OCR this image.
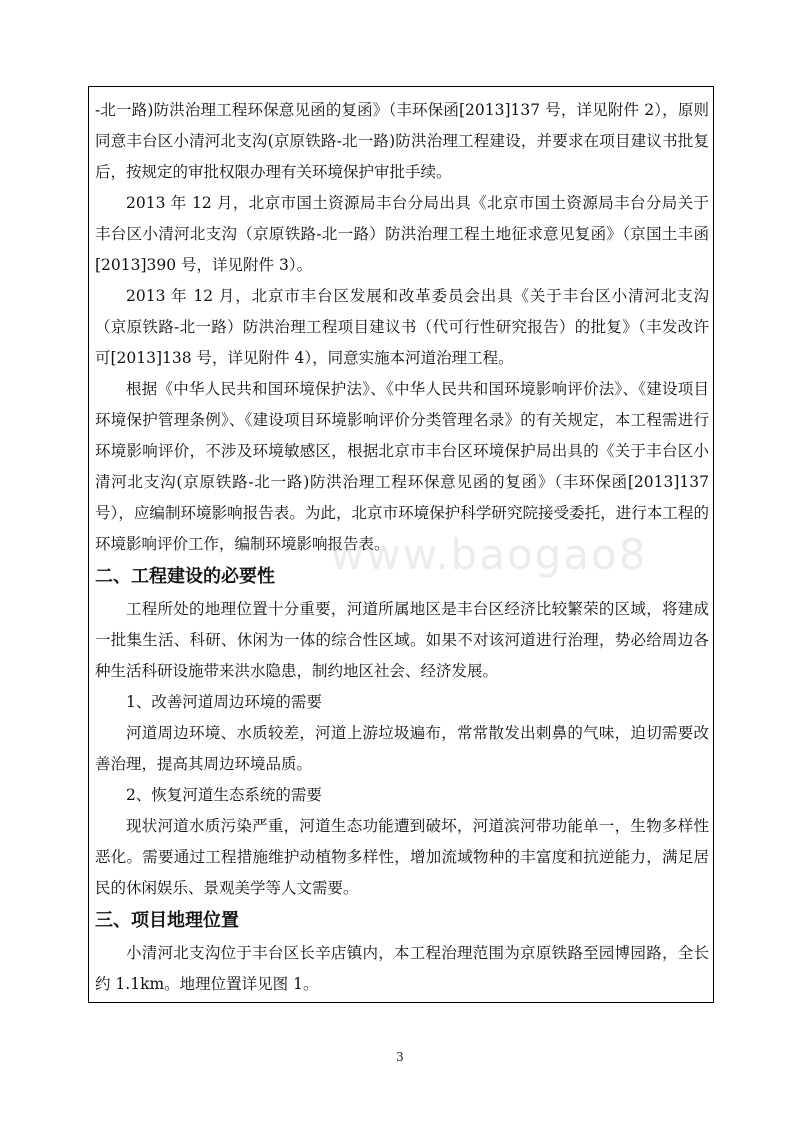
-北一路)防洪治理工程环保意见函的复函》（丰环保函[2013]137 号，详见附件 2），原则同意丰台区小清河北支沟(京原铁路-北一路)防洪治理工程建设，并要求在项目建议书批复后，按规定的审批权限办理有关环境保护审批手续。

2013 年 12 月，北京市国土资源局丰台分局出具《北京市国土资源局丰台分局关于丰台区小清河北支沟（京原铁路-北一路）防洪治理工程土地征求意见复函》（京国土丰函[2013]390 号，详见附件 3）。

2013 年 12 月，北京市丰台区发展和改革委员会出具《关于丰台区小清河北支沟（京原铁路-北一路）防洪治理工程项目建议书（代可行性研究报告）的批复》（丰发改许可[2013]138 号，详见附件 4），同意实施本河道治理工程。

根据《中华人民共和国环境保护法》、《中华人民共和国环境影响评价法》、《建设项目环境保护管理条例》、《建设项目环境影响评价分类管理名录》的有关规定，本工程需进行环境影响评价，不涉及环境敏感区，根据北京市丰台区环境保护局出具的《关于丰台区小清河北支沟(京原铁路-北一路)防洪治理工程环保意见函的复函》（丰环保函[2013]137 号），应编制环境影响报告表。为此，北京市环境保护科学研究院接受委托，进行本工程的环境影响评价工作，编制环境影响报告表。

二、工程建设的必要性

工程所处的地理位置十分重要，河道所属地区是丰台区经济比较繁荣的区域，将建成一批集生活、科研、休闲为一体的综合性区域。如果不对该河道进行治理，势必给周边各种生活科研设施带来洪水隐患，制约地区社会、经济发展。

1、改善河道周边环境的需要

河道周边环境、水质较差，河道上游垃圾遍布，常常散发出刺鼻的气味，迫切需要改善治理，提高其周边环境品质。

2、恢复河道生态系统的需要

现状河道水质污染严重，河道生态功能遭到破坏，河道滨河带功能单一，生物多样性恶化。需要通过工程措施维护动植物多样性，增加流域物种的丰富度和抗逆能力，满足居民的休闲娱乐、景观美学等人文需要。

三、项目地理位置

小清河北支沟位于丰台区长辛店镇内，本工程治理范围为京原铁路至园博园路，全长约 1.1km。地理位置详见图 1。

www.baogao8
3
